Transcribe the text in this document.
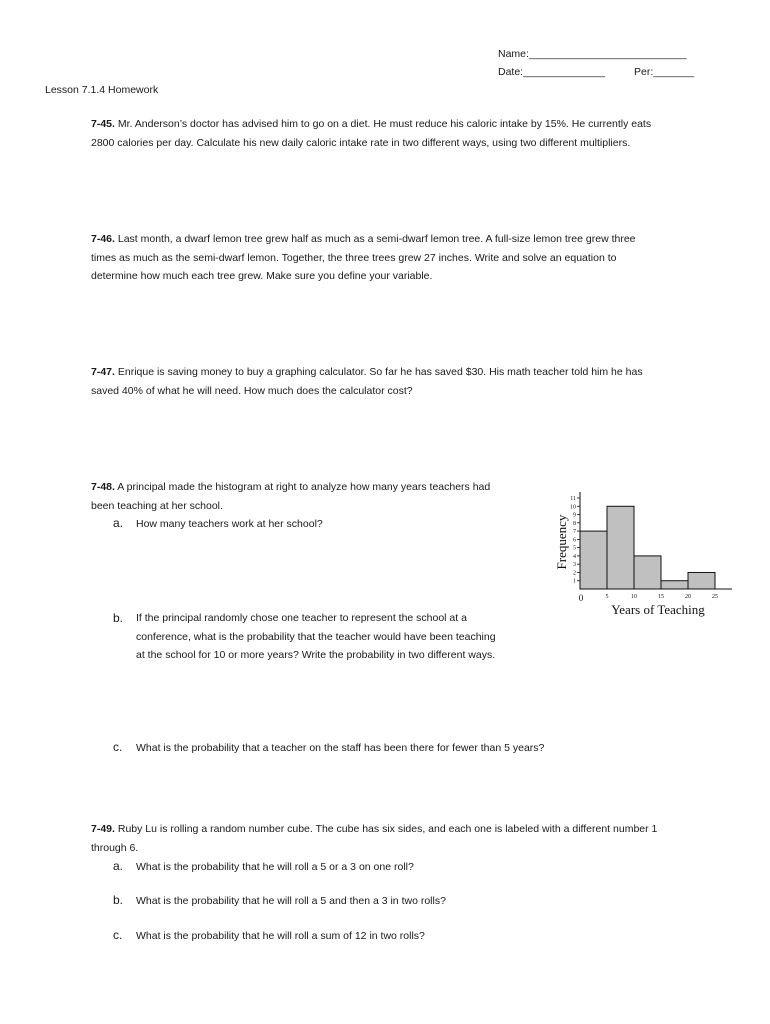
Name:___________________________
Date:______________	Per:_______
Lesson 7.1.4 Homework
7-45. Mr. Anderson’s doctor has advised him to go on a diet. He must reduce his caloric intake by 15%. He currently eats
2800 calories per day. Calculate his new daily caloric intake rate in two different ways, using two different multipliers.
7-46. Last month, a dwarf lemon tree grew half as much as a semi-dwarf lemon tree. A full-size lemon tree grew three
times as much as the semi-dwarf lemon. Together, the three trees grew 27 inches. Write and solve an equation to
determine how much each tree grew. Make sure you define your variable.
7-47. Enrique is saving money to buy a graphing calculator. So far he has saved $30. His math teacher told him he has
saved 40% of what he will need. How much does the calculator cost?
7-48. A principal made the histogram at right to analyze how many years teachers had
been teaching at her school.
a. How many teachers work at her school?
b.	If the principal randomly chose one teacher to represent the school at a
conference, what is the probability that the teacher would have been teaching
at the school for 10 or more years? Write the probability in two different ways.
c. What is the probability that a teacher on the staff has been there for fewer than 5 years?
1
2
3
4
5
6
7
8
9
10
11
5	10	15	20	25
0
Years of Teaching
Frequency
7-49. Ruby Lu is rolling a random number cube. The cube has six sides, and each one is labeled with a different number 1
through 6.
a. What is the probability that he will roll a 5 or a 3 on one roll?
b. What is the probability that he will roll a 5 and then a 3 in two rolls?
c. What is the probability that he will roll a sum of 12 in two rolls?
